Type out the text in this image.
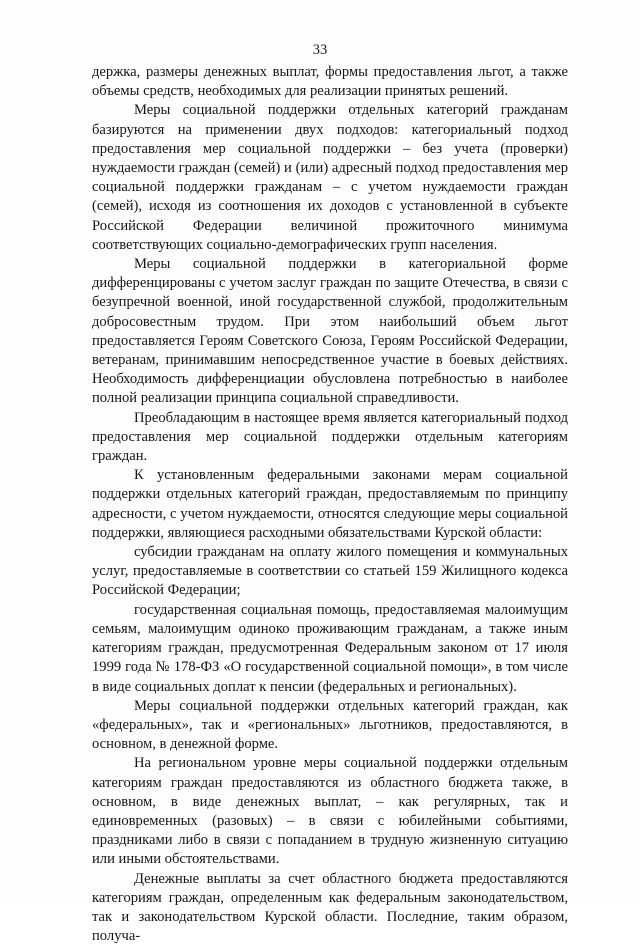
33

держка, размеры денежных выплат, формы предоставления льгот, а также объемы средств, необходимых для реализации принятых решений.

Меры социальной поддержки отдельных категорий гражданам базируются на применении двух подходов: категориальный подход предоставления мер социальной поддержки – без учета (проверки) нуждаемости граждан (семей) и (или) адресный подход предоставления мер социальной поддержки гражданам – с учетом нуждаемости граждан (семей), исходя из соотношения их доходов с установленной в субъекте Российской Федерации величиной прожиточного минимума соответствующих социально-демографических групп населения.

Меры социальной поддержки в категориальной форме дифференцированы с учетом заслуг граждан по защите Отечества, в связи с безупречной военной, иной государственной службой, продолжительным добросовестным трудом. При этом наибольший объем льгот предоставляется Героям Советского Союза, Героям Российской Федерации, ветеранам, принимавшим непосредственное участие в боевых действиях. Необходимость дифференциации обусловлена потребностью в наиболее полной реализации принципа социальной справедливости.

Преобладающим в настоящее время является категориальный подход предоставления мер социальной поддержки отдельным категориям граждан.

К установленным федеральными законами мерам социальной поддержки отдельных категорий граждан, предоставляемым по принципу адресности, с учетом нуждаемости, относятся следующие меры социальной поддержки, являющиеся расходными обязательствами Курской области:

субсидии гражданам на оплату жилого помещения и коммунальных услуг, предоставляемые в соответствии со статьей 159 Жилищного кодекса Российской Федерации;

государственная социальная помощь, предоставляемая малоимущим семьям, малоимущим одиноко проживающим гражданам, а также иным категориям граждан, предусмотренная Федеральным законом от 17 июля 1999 года № 178-ФЗ «О государственной социальной помощи», в том числе в виде социальных доплат к пенсии (федеральных и региональных).

Меры социальной поддержки отдельных категорий граждан, как «федеральных», так и «региональных» льготников, предоставляются, в основном, в денежной форме.

На региональном уровне меры социальной поддержки отдельным категориям граждан предоставляются из областного бюджета также, в основном, в виде денежных выплат, – как регулярных, так и единовременных (разовых) – в связи с юбилейными событиями, праздниками либо в связи с попаданием в трудную жизненную ситуацию или иными обстоятельствами.

Денежные выплаты за счет областного бюджета предоставляются категориям граждан, определенным как федеральным законодательством, так и законодательством Курской области. Последние, таким образом, получа-
